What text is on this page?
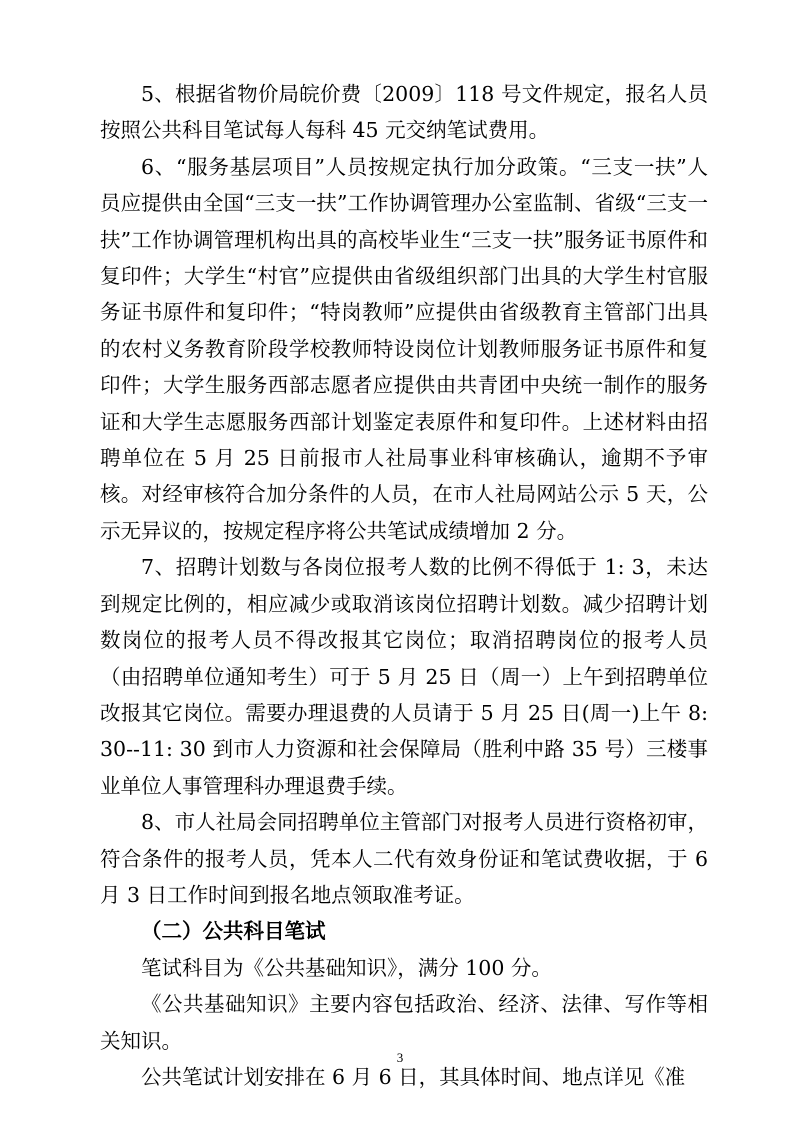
5、根据省物价局皖价费〔2009〕118 号文件规定，报名人员按照公共科目笔试每人每科 45 元交纳笔试费用。

6、“服务基层项目”人员按规定执行加分政策。“三支一扶”人员应提供由全国“三支一扶”工作协调管理办公室监制、省级“三支一扶”工作协调管理机构出具的高校毕业生“三支一扶”服务证书原件和复印件；大学生“村官”应提供由省级组织部门出具的大学生村官服务证书原件和复印件；“特岗教师”应提供由省级教育主管部门出具的农村义务教育阶段学校教师特设岗位计划教师服务证书原件和复印件；大学生服务西部志愿者应提供由共青团中央统一制作的服务证和大学生志愿服务西部计划鉴定表原件和复印件。上述材料由招聘单位在 5 月 25 日前报市人社局事业科审核确认，逾期不予审核。对经审核符合加分条件的人员，在市人社局网站公示 5 天，公示无异议的，按规定程序将公共笔试成绩增加 2 分。

7、招聘计划数与各岗位报考人数的比例不得低于 1: 3，未达到规定比例的，相应减少或取消该岗位招聘计划数。减少招聘计划数岗位的报考人员不得改报其它岗位；取消招聘岗位的报考人员（由招聘单位通知考生）可于 5 月 25 日（周一）上午到招聘单位改报其它岗位。需要办理退费的人员请于 5 月 25 日(周一)上午 8: 30--11: 30 到市人力资源和社会保障局（胜利中路 35 号）三楼事业单位人事管理科办理退费手续。

8、市人社局会同招聘单位主管部门对报考人员进行资格初审，符合条件的报考人员，凭本人二代有效身份证和笔试费收据，于 6 月 3 日工作时间到报名地点领取准考证。

（二）公共科目笔试

笔试科目为《公共基础知识》，满分 100 分。

《公共基础知识》主要内容包括政治、经济、法律、写作等相关知识。

公共笔试计划安排在 6 月 6 日，其具体时间、地点详见《准

3
